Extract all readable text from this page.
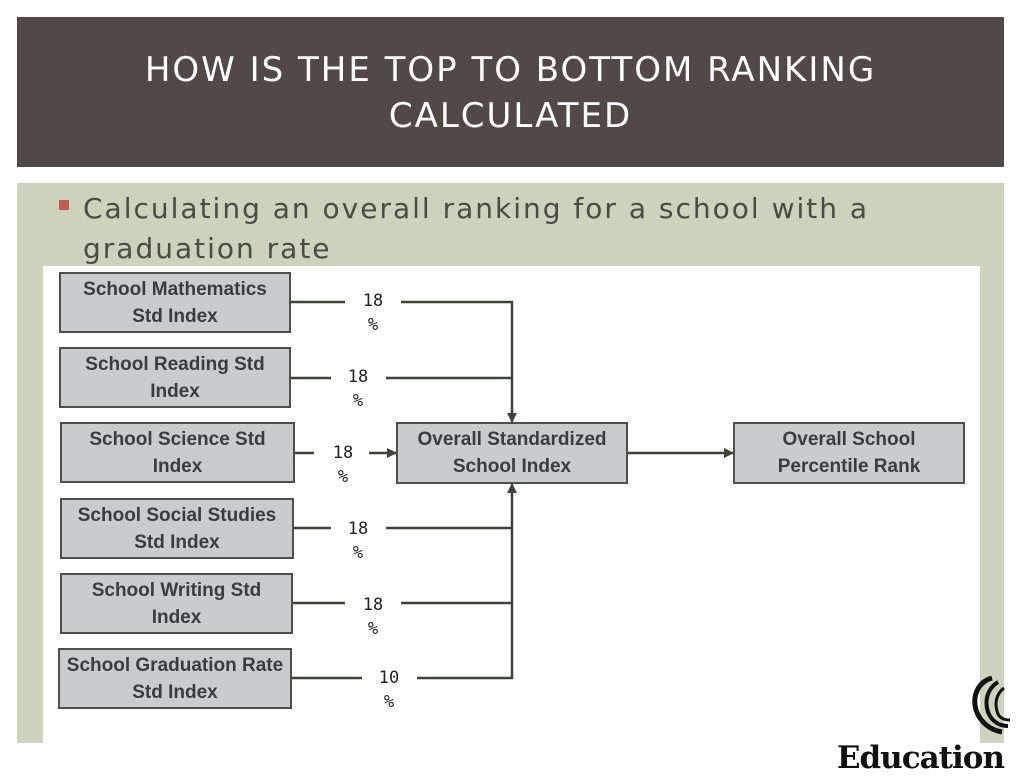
HOW IS THE TOP TO BOTTOM RANKING CALCULATED
Calculating an overall ranking for a school with a graduation rate
School Mathematics Std Index
School Reading Std Index
School Science Std Index
School Social Studies Std Index
School Writing Std Index
School Graduation Rate Std Index
18 %
18 %
18 %
18 %
18 %
10 %
Overall Standardized School Index
Overall School Percentile Rank
Education
